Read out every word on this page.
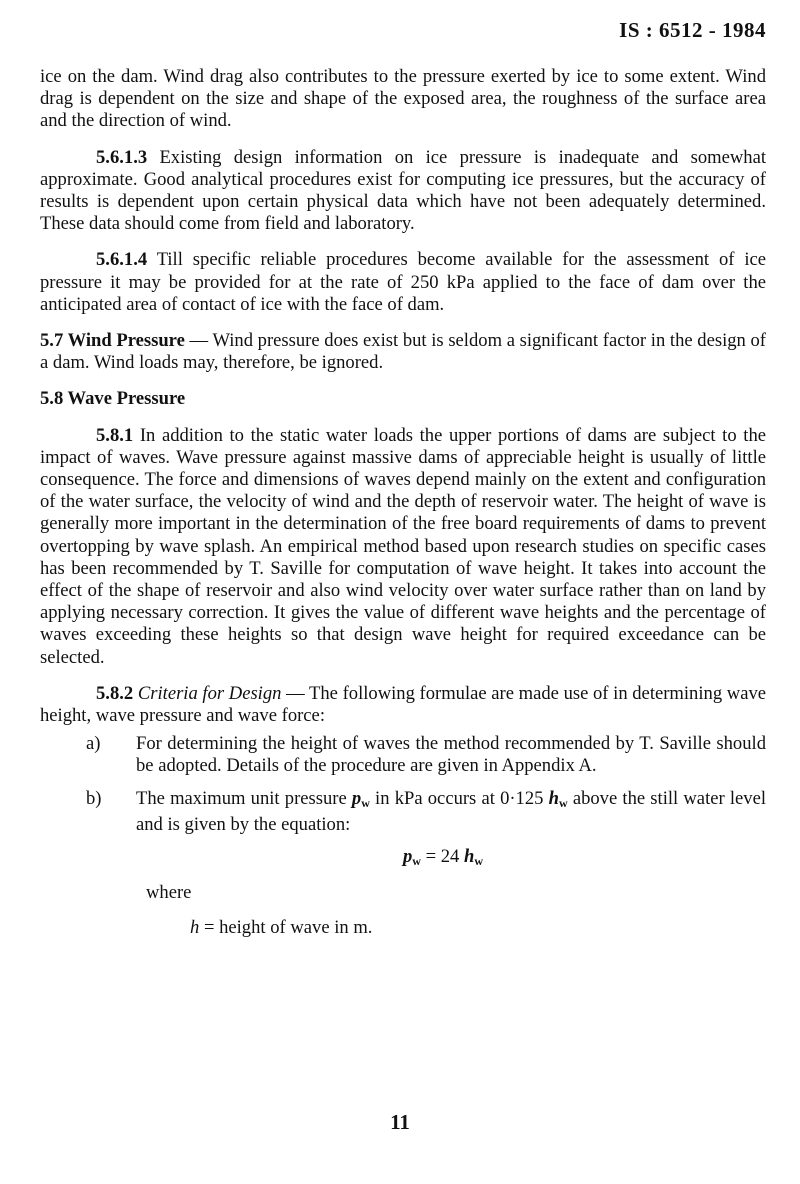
IS : 6512 - 1984

ice on the dam. Wind drag also contributes to the pressure exerted by ice to some extent. Wind drag is dependent on the size and shape of the exposed area, the roughness of the surface area and the direction of wind.

5.6.1.3 Existing design information on ice pressure is inadequate and somewhat approximate. Good analytical procedures exist for computing ice pressures, but the accuracy of results is dependent upon certain physical data which have not been adequately determined. These data should come from field and laboratory.

5.6.1.4 Till specific reliable procedures become available for the assessment of ice pressure it may be provided for at the rate of 250 kPa applied to the face of dam over the anticipated area of contact of ice with the face of dam.

5.7 Wind Pressure — Wind pressure does exist but is seldom a significant factor in the design of a dam. Wind loads may, therefore, be ignored.

5.8 Wave Pressure

5.8.1 In addition to the static water loads the upper portions of dams are subject to the impact of waves. Wave pressure against massive dams of appreciable height is usually of little consequence. The force and dimensions of waves depend mainly on the extent and configuration of the water surface, the velocity of wind and the depth of reservoir water. The height of wave is generally more important in the determination of the free board requirements of dams to prevent overtopping by wave splash. An empirical method based upon research studies on specific cases has been recommended by T. Saville for computation of wave height. It takes into account the effect of the shape of reservoir and also wind velocity over water surface rather than on land by applying necessary correction. It gives the value of different wave heights and the percentage of waves exceeding these heights so that design wave height for required exceedance can be selected.

5.8.2 Criteria for Design — The following formulae are made use of in determining wave height, wave pressure and wave force:

a) For determining the height of waves the method recommended by T. Saville should be adopted. Details of the procedure are given in Appendix A.
b) The maximum unit pressure $p_w$ in kPa occurs at 0·125 $h_w$ above the still water level and is given by the equation:
$p_w = 24$ $h_w$
where
h = height of wave in m.
11
